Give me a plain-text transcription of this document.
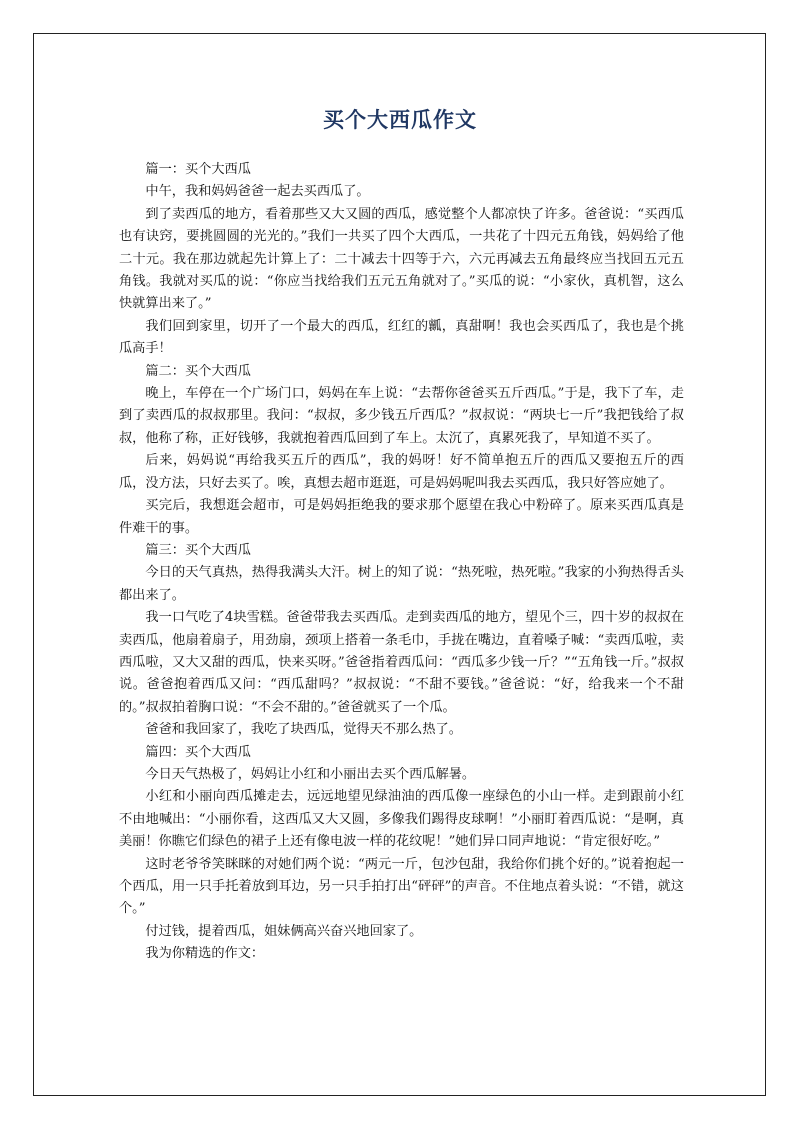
买个大西瓜作文

篇一：买个大西瓜

中午，我和妈妈爸爸一起去买西瓜了。

到了卖西瓜的地方，看着那些又大又圆的西瓜，感觉整个人都凉快了许多。爸爸说：“买西瓜也有诀窍，要挑圆圆的光光的。”我们一共买了四个大西瓜，一共花了十四元五角钱，妈妈给了他二十元。我在那边就起先计算上了：二十减去十四等于六，六元再减去五角最终应当找回五元五角钱。我就对买瓜的说：“你应当找给我们五元五角就对了。”买瓜的说：“小家伙，真机智，这么快就算出来了。”

我们回到家里，切开了一个最大的西瓜，红红的瓤，真甜啊！我也会买西瓜了，我也是个挑瓜高手！

篇二：买个大西瓜

晚上，车停在一个广场门口，妈妈在车上说：“去帮你爸爸买五斤西瓜。”于是，我下了车，走到了卖西瓜的叔叔那里。我问：“叔叔，多少钱五斤西瓜？”叔叔说：“两块七一斤”我把钱给了叔叔，他称了称，正好钱够，我就抱着西瓜回到了车上。太沉了，真累死我了，早知道不买了。

后来，妈妈说“再给我买五斤的西瓜”，我的妈呀！好不简单抱五斤的西瓜又要抱五斤的西瓜，没方法，只好去买了。唉，真想去超市逛逛，可是妈妈呢叫我去买西瓜，我只好答应她了。

买完后，我想逛会超市，可是妈妈拒绝我的要求那个愿望在我心中粉碎了。原来买西瓜真是件难干的事。

篇三：买个大西瓜

今日的天气真热，热得我满头大汗。树上的知了说：“热死啦，热死啦。”我家的小狗热得舌头都出来了。

我一口气吃了4块雪糕。爸爸带我去买西瓜。走到卖西瓜的地方，望见个三，四十岁的叔叔在卖西瓜，他扇着扇子，用劲扇，颈项上搭着一条毛巾，手拢在嘴边，直着嗓子喊：“卖西瓜啦，卖西瓜啦，又大又甜的西瓜，快来买呀。”爸爸指着西瓜问：“西瓜多少钱一斤？”“五角钱一斤。”叔叔说。爸爸抱着西瓜又问：“西瓜甜吗？”叔叔说：“不甜不要钱。”爸爸说：“好，给我来一个不甜的。”叔叔拍着胸口说：“不会不甜的。”爸爸就买了一个瓜。

爸爸和我回家了，我吃了块西瓜，觉得天不那么热了。

篇四：买个大西瓜

今日天气热极了，妈妈让小红和小丽出去买个西瓜解暑。

小红和小丽向西瓜摊走去，远远地望见绿油油的西瓜像一座绿色的小山一样。走到跟前小红不由地喊出：“小丽你看，这西瓜又大又圆，多像我们踢得皮球啊！”小丽盯着西瓜说：“是啊，真美丽！你瞧它们绿色的裙子上还有像电波一样的花纹呢！”她们异口同声地说：“肯定很好吃。”

这时老爷爷笑眯眯的对她们两个说：“两元一斤，包沙包甜，我给你们挑个好的。”说着抱起一个西瓜，用一只手托着放到耳边，另一只手拍打出“砰砰”的声音。不住地点着头说：“不错，就这个。”

付过钱，提着西瓜，姐妹俩高兴奋兴地回家了。

我为你精选的作文：
